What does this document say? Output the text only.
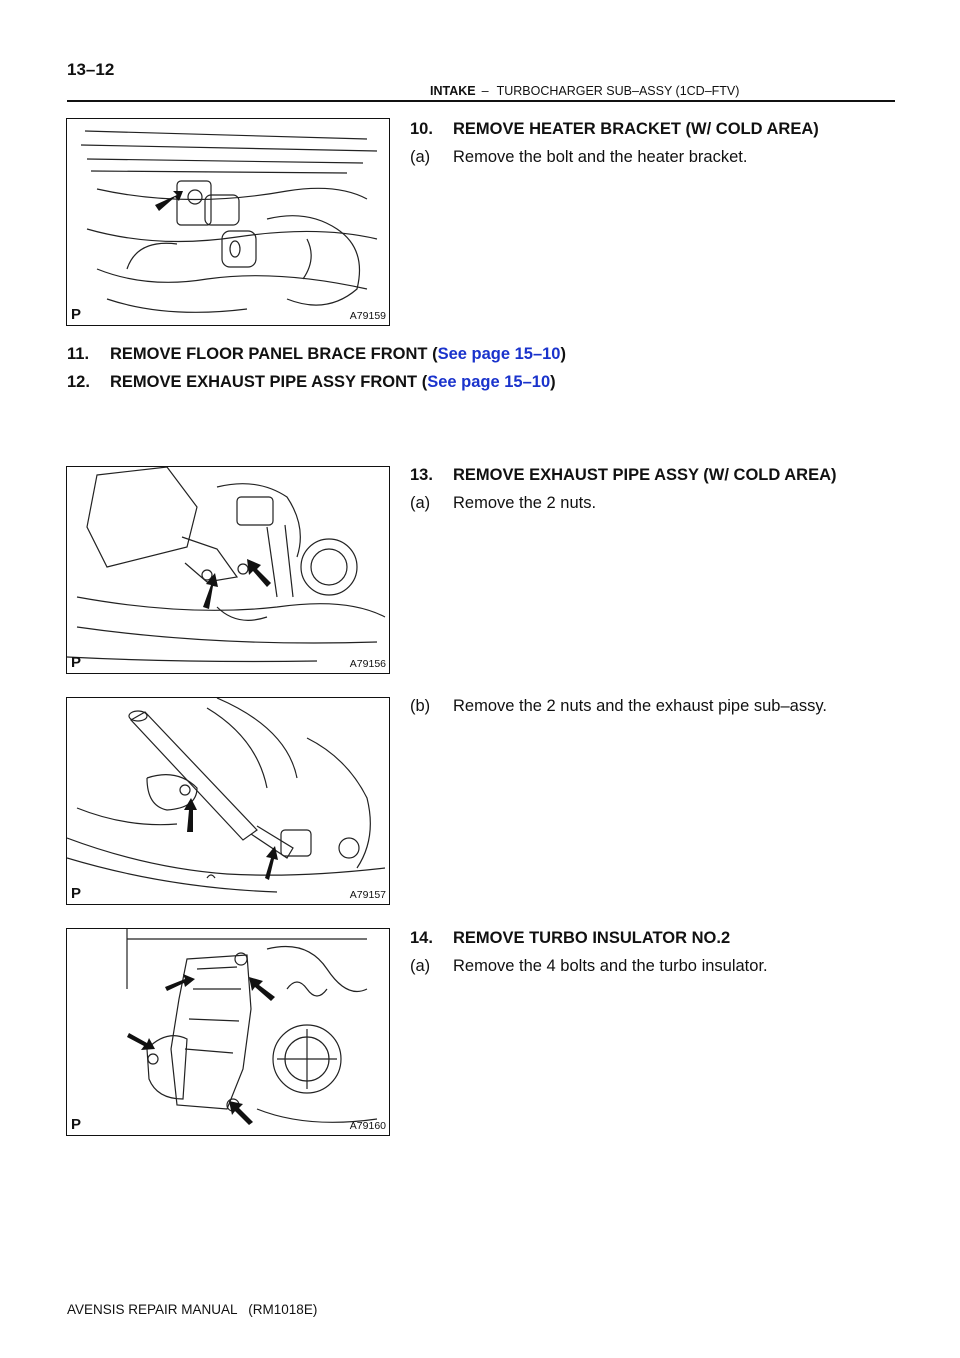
13–12
INTAKE – TURBOCHARGER SUB–ASSY (1CD–FTV)
P	A79159
P	A79156
P	A79157
P	A79160
10. REMOVE HEATER BRACKET (W/ COLD AREA)
(a) Remove the bolt and the heater bracket.
11. REMOVE FLOOR PANEL BRACE FRONT (See page 15–10)
12. REMOVE EXHAUST PIPE ASSY FRONT (See page 15–10)
13. REMOVE EXHAUST PIPE ASSY (W/ COLD AREA)
(a) Remove the 2 nuts.
(b) Remove the 2 nuts and the exhaust pipe sub–assy.
14. REMOVE TURBO INSULATOR NO.2
(a) Remove the 4 bolts and the turbo insulator.
AVENSIS REPAIR MANUAL   (RM1018E)
